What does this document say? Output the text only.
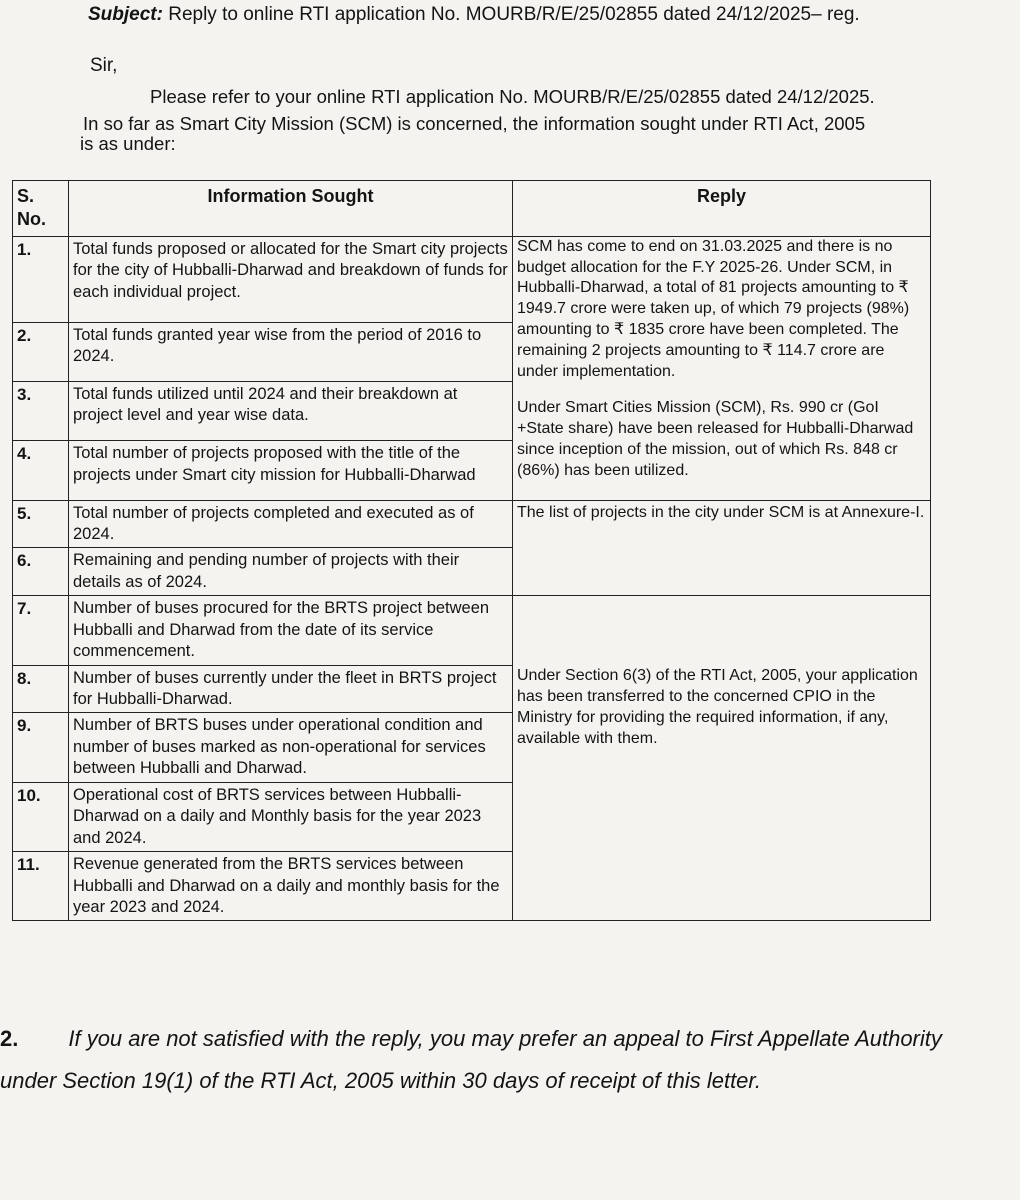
Subject: Reply to online RTI application No. MOURB/R/E/25/02855 dated 24/12/2025– reg.
Sir,
Please refer to your online RTI application No. MOURB/R/E/25/02855 dated 24/12/2025.
In so far as Smart City Mission (SCM) is concerned, the information sought under RTI Act, 2005
is as under:
S. No.	Information Sought	Reply
1.	Total funds proposed or allocated for the Smart city projects for the city of Hubballi-Dharwad and breakdown of funds for each individual project.	SCM has come to end on 31.03.2025 and there is no budget allocation for the F.Y 2025-26. Under SCM, in Hubballi-Dharwad, a total of 81 projects amounting to ₹ 1949.7 crore were taken up, of which 79 projects (98%) amounting to ₹ 1835 crore have been completed. The remaining 2 projects amounting to ₹ 114.7 crore are under implementation.
Under Smart Cities Mission (SCM), Rs. 990 cr (GoI +State share) have been released for Hubballi-Dharwad since inception of the mission, out of which Rs. 848 cr (86%) has been utilized.

2.	Total funds granted year wise from the period of 2016 to 2024.	
3.	Total funds utilized until 2024 and their breakdown at project level and year wise data.	
4.	Total number of projects proposed with the title of the projects under Smart city mission for Hubballi-Dharwad	
5.	Total number of projects completed and executed as of 2024.	The list of projects in the city under SCM is at Annexure-I.
6.	Remaining and pending number of projects with their details as of 2024.	
7.	Number of buses procured for the BRTS project between Hubballi and Dharwad from the date of its service commencement.	Under Section 6(3) of the RTI Act, 2005, your application has been transferred to the concerned CPIO in the Ministry for providing the required information, if any, available with them.
8.	Number of buses currently under the fleet in BRTS project for Hubballi-Dharwad.	
9.	Number of BRTS buses under operational condition and number of buses marked as non-operational for services between Hubballi and Dharwad.	
10.	Operational cost of BRTS services between Hubballi-Dharwad on a daily and Monthly basis for the year 2023 and 2024.	
11.	Revenue generated from the BRTS services between Hubballi and Dharwad on a daily and monthly basis for the year 2023 and 2024.	
2. If you are not satisfied with the reply, you may prefer an appeal to First Appellate Authority
under Section 19(1) of the RTI Act, 2005 within 30 days of receipt of this letter.
